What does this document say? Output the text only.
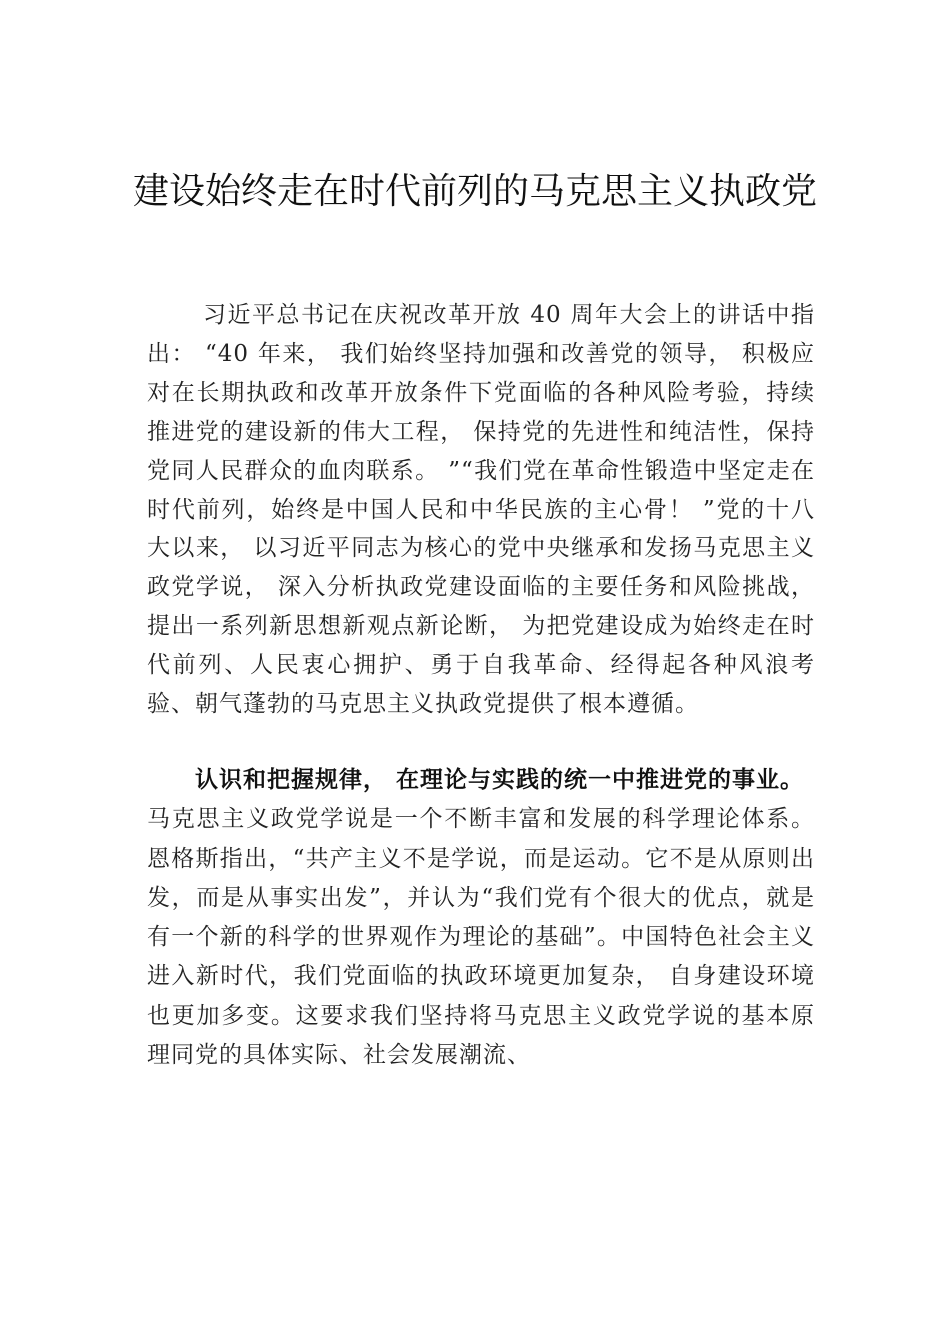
建设始终走在时代前列的马克思主义执政党

习近平总书记在庆祝改革开放 40 周年大会上的讲话中指出： “40 年来， 我们始终坚持加强和改善党的领导， 积极应对在长期执政和改革开放条件下党面临的各种风险考验，持续推进党的建设新的伟大工程， 保持党的先进性和纯洁性，保持党同人民群众的血肉联系。 ”“我们党在革命性锻造中坚定走在时代前列，始终是中国人民和中华民族的主心骨！ ”党的十八大以来， 以习近平同志为核心的党中央继承和发扬马克思主义政党学说， 深入分析执政党建设面临的主要任务和风险挑战， 提出一系列新思想新观点新论断， 为把党建设成为始终走在时代前列、人民衷心拥护、勇于自我革命、经得起各种风浪考验、朝气蓬勃的马克思主义执政党提供了根本遵循。

认识和把握规律， 在理论与实践的统一中推进党的事业。马克思主义政党学说是一个不断丰富和发展的科学理论体系。恩格斯指出，“共产主义不是学说，而是运动。它不是从原则出发，而是从事实出发”，并认为“我们党有个很大的优点，就是有一个新的科学的世界观作为理论的基础”。中国特色社会主义进入新时代，我们党面临的执政环境更加复杂， 自身建设环境也更加多变。这要求我们坚持将马克思主义政党学说的基本原理同党的具体实际、社会发展潮流、
